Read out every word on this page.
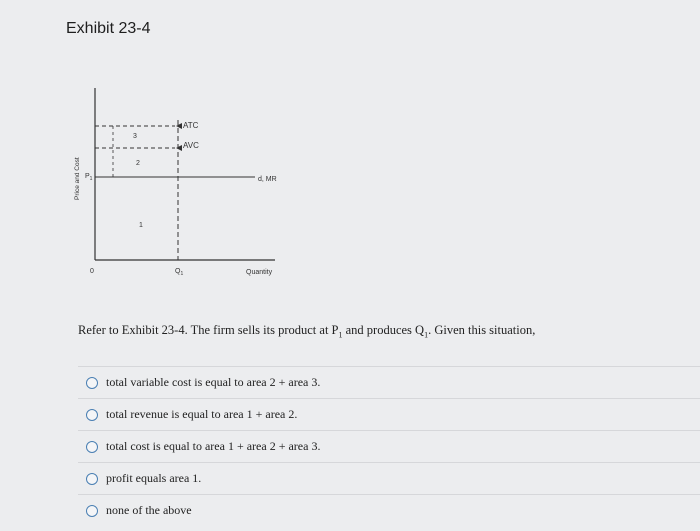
Exhibit 23-4
ATC
AVC
d, MR
3
2
1
$P_1$
0	$Q_1$	Quantity
Price and Cost
Refer to Exhibit 23-4. The firm sells its product at $P_1$ and produces $Q_1$. Given this situation,
total variable cost is equal to area 2 + area 3.
total revenue is equal to area 1 + area 2.
total cost is equal to area 1 + area 2 + area 3.
profit equals area 1.
none of the above
